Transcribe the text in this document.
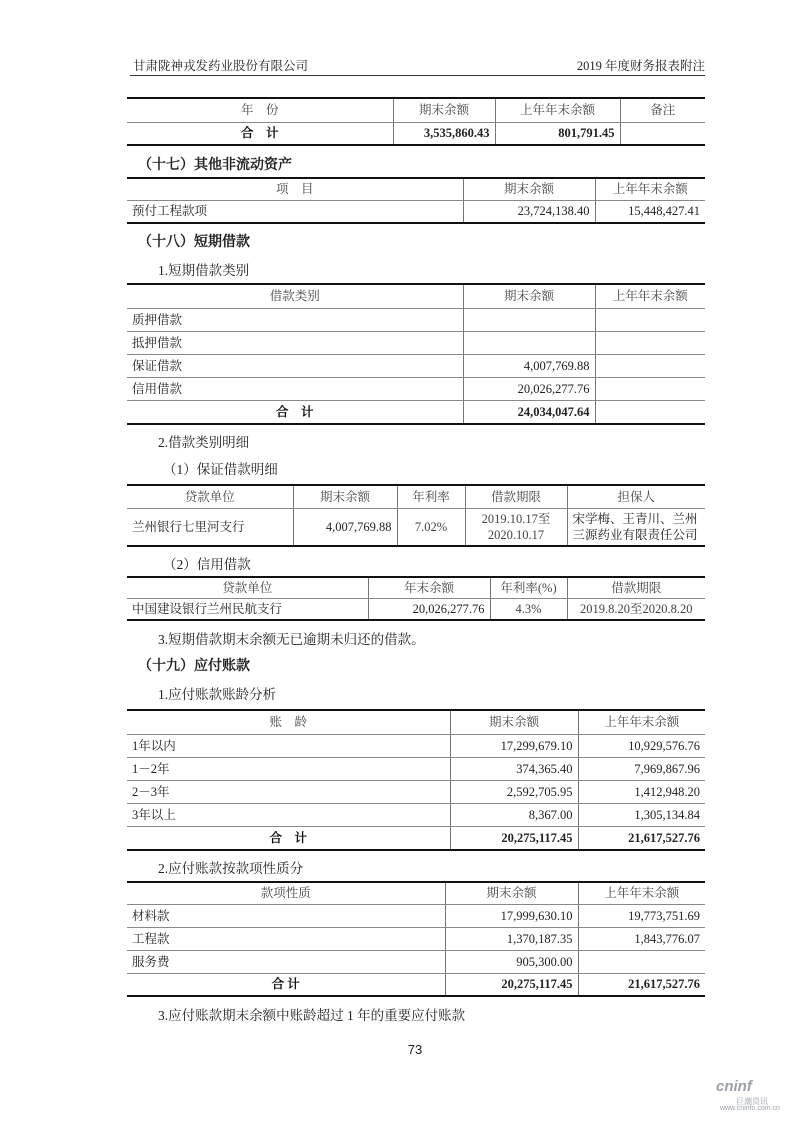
甘肃陇神戎发药业股份有限公司	2019 年度财务报表附注
（十七）其他非流动资产
（十八）短期借款
1.短期借款类别
2.借款类别明细
（1）保证借款明细
（2）信用借款
3.短期借款期末余额无已逾期未归还的借款。
（十九）应付账款
1.应付账款账龄分析
2.应付账款按款项性质分
3.应付账款期末余额中账龄超过 1 年的重要应付账款
年　份	期末余额	上年年末余额	备注
合　计	3,535,860.43	801,791.45	
项　目	期末余额	上年年末余额
预付工程款项	23,724,138.40	15,448,427.41
借款类别	期末余额	上年年末余额
质押借款		
抵押借款		
保证借款	4,007,769.88	
信用借款	20,026,277.76	
合　计	24,034,047.64	
贷款单位	期末余额	年利率	借款期限	担保人
兰州银行七里河支行	4,007,769.88	7.02%	2019.10.17至 2020.10.17	宋学梅、王青川、兰州三源药业有限责任公司
贷款单位	年末余额	年利率(%)	借款期限
中国建设银行兰州民航支行	20,026,277.76	4.3%	2019.8.20至2020.8.20
账　龄	期末余额	上年年末余额
1年以内	17,299,679.10	10,929,576.76
1－2年	374,365.40	7,969,867.96
2－3年	2,592,705.95	1,412,948.20
3年以上	8,367.00	1,305,134.84
合　计	20,275,117.45	21,617,527.76
款项性质	期末余额	上年年末余额
材料款	17,999,630.10	19,773,751.69
工程款	1,370,187.35	1,843,776.07
服务费	905,300.00	
合 计	20,275,117.45	21,617,527.76
73
cninf
巨潮资讯
www.cninfo.com.cn
